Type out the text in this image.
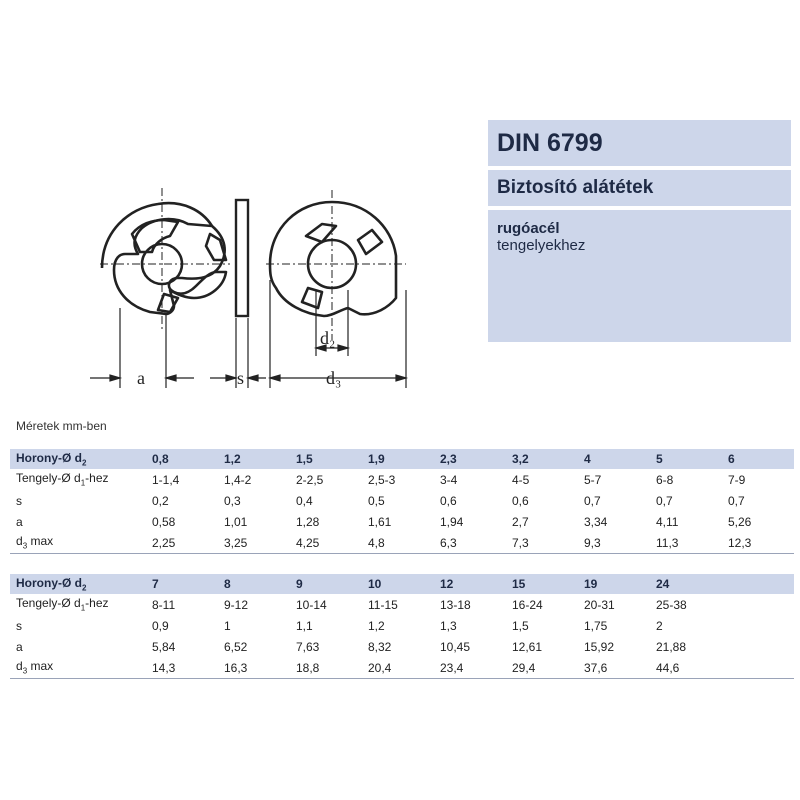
a	s
d₂
d₃
DIN 6799
Biztosító alátétek
rugóacél
tengelyekhez
Méretek mm-ben
Horony-Ø $d_2$	0,8	1,2	1,5	1,9	2,3	3,2	4	5	6
Tengely-Ø $d_1$-hez	1-1,4	1,4-2	2-2,5	2,5-3	3-4	4-5	5-7	6-8	7-9
s	0,2	0,3	0,4	0,5	0,6	0,6	0,7	0,7	0,7
a	0,58	1,01	1,28	1,61	1,94	2,7	3,34	4,11	5,26
$d_3$ max	2,25	3,25	4,25	4,8	6,3	7,3	9,3	11,3	12,3
Horony-Ø $d_2$	7	8	9	10	12	15	19	24	
Tengely-Ø $d_1$-hez	8-11	9-12	10-14	11-15	13-18	16-24	20-31	25-38	
s	0,9	1	1,1	1,2	1,3	1,5	1,75	2	
a	5,84	6,52	7,63	8,32	10,45	12,61	15,92	21,88	
$d_3$ max	14,3	16,3	18,8	20,4	23,4	29,4	37,6	44,6	
